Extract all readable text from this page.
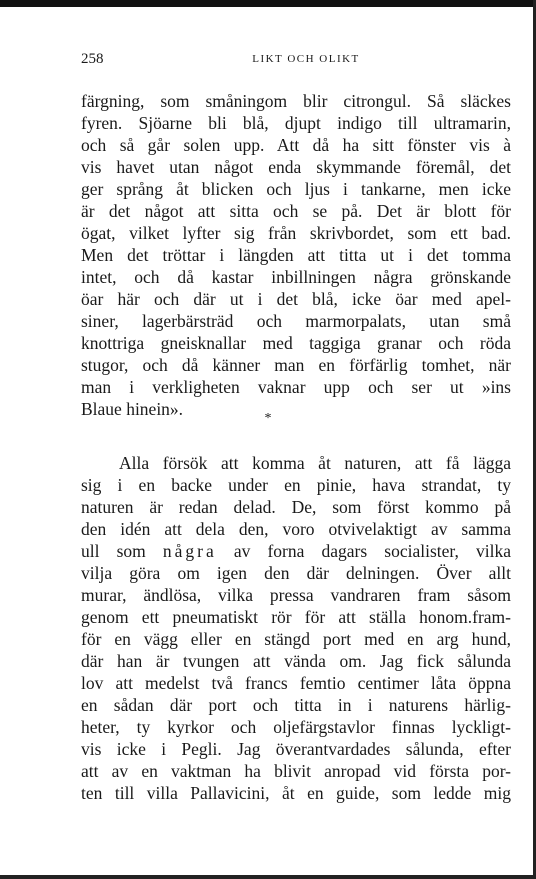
258	LIKT OCH OLIKT
färgning, som småningom blir citrongul. Så släckes
fyren. Sjöarne bli blå, djupt indigo till ultramarin,
och så går solen upp. Att då ha sitt fönster vis à
vis havet utan något enda skymmande föremål, det
ger språng åt blicken och ljus i tankarne, men icke
är det något att sitta och se på. Det är blott för
ögat, vilket lyfter sig från skrivbordet, som ett bad.
Men det tröttar i längden att titta ut i det tomma
intet, och då kastar inbillningen några grönskande
öar här och där ut i det blå, icke öar med apel-
siner, lagerbärsträd och marmorpalats, utan små
knottriga gneisknallar med taggiga granar och röda
stugor, och då känner man en förfärlig tomhet, när
man i verkligheten vaknar upp och ser ut »ins
Blaue hinein».	*
Alla försök att komma åt naturen, att få lägga
sig i en backe under en pinie, hava strandat, ty
naturen är redan delad. De, som först kommo på
den idén att dela den, voro otvivelaktigt av samma
ull som några av forna dagars socialister, vilka
vilja göra om igen den där delningen. Över allt
murar, ändlösa, vilka pressa vandraren fram såsom
genom ett pneumatiskt rör för att ställa honom.fram-
för en vägg eller en stängd port med en arg hund,
där han är tvungen att vända om. Jag fick sålunda
lov att medelst två francs femtio centimer låta öppna
en sådan där port och titta in i naturens härlig-
heter, ty kyrkor och oljefärgstavlor finnas lyckligt-
vis icke i Pegli. Jag överantvardades sålunda, efter
att av en vaktman ha blivit anropad vid första por-
ten till villa Pallavicini, åt en guide, som ledde mig
